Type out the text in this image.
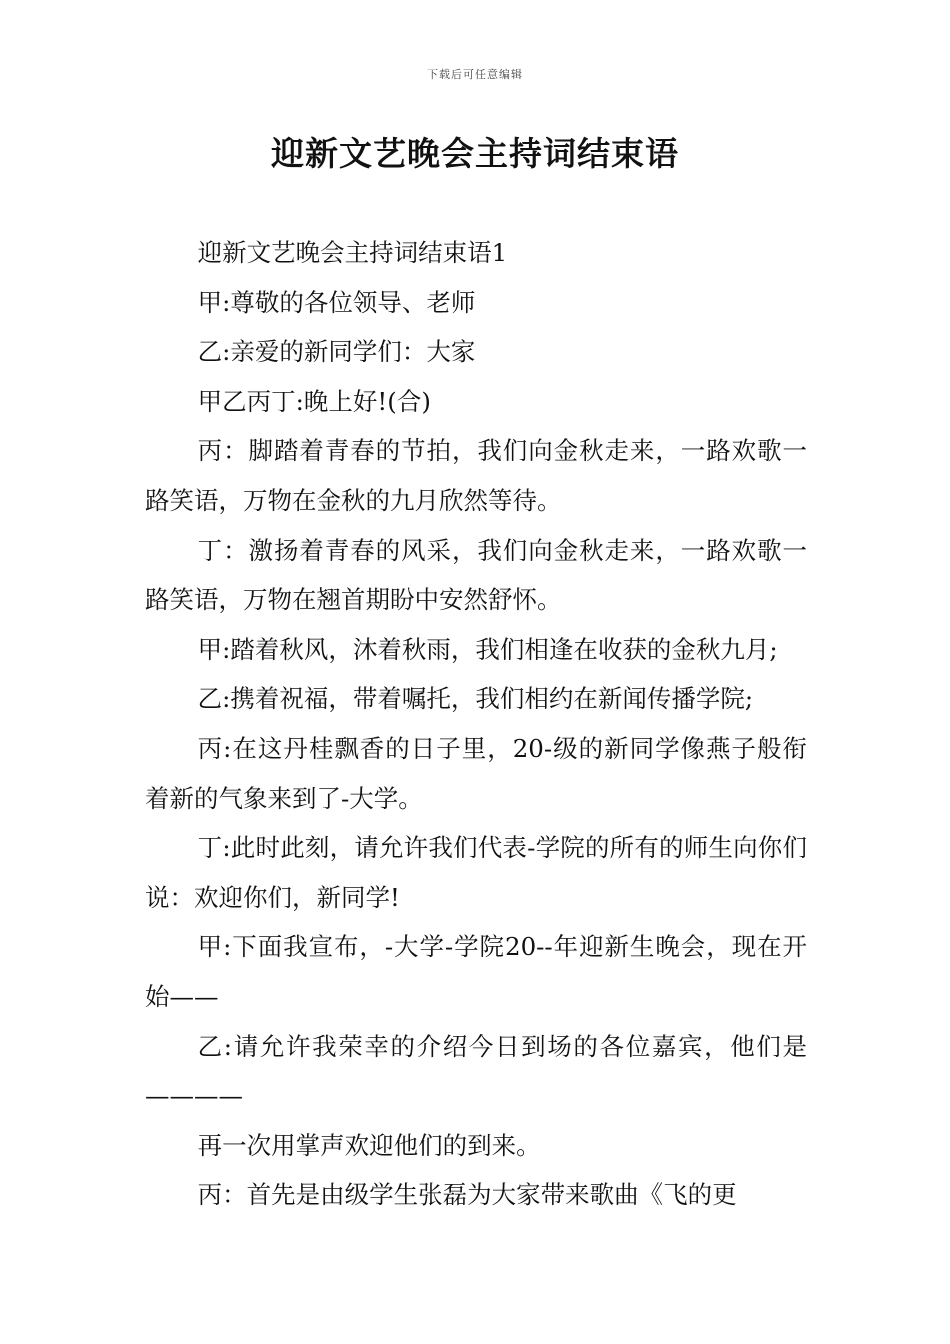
下载后可任意编辑
迎新文艺晚会主持词结束语

迎新文艺晚会主持词结束语1

甲:尊敬的各位领导、老师

乙:亲爱的新同学们：大家

甲乙丙丁:晚上好!(合)

丙：脚踏着青春的节拍，我们向金秋走来，一路欢歌一路笑语，万物在金秋的九月欣然等待。

丁：激扬着青春的风采，我们向金秋走来，一路欢歌一路笑语，万物在翘首期盼中安然舒怀。

甲:踏着秋风，沐着秋雨，我们相逢在收获的金秋九月;

乙:携着祝福，带着嘱托，我们相约在新闻传播学院;

丙:在这丹桂飘香的日子里，20-级的新同学像燕子般衔着新的气象来到了-大学。

丁:此时此刻，请允许我们代表-学院的所有的师生向你们说：欢迎你们，新同学!

甲:下面我宣布，-大学-学院20--年迎新生晚会，现在开始——

乙:请允许我荣幸的介绍今日到场的各位嘉宾，他们是————

再一次用掌声欢迎他们的到来。

丙：首先是由级学生张磊为大家带来歌曲《飞的更
